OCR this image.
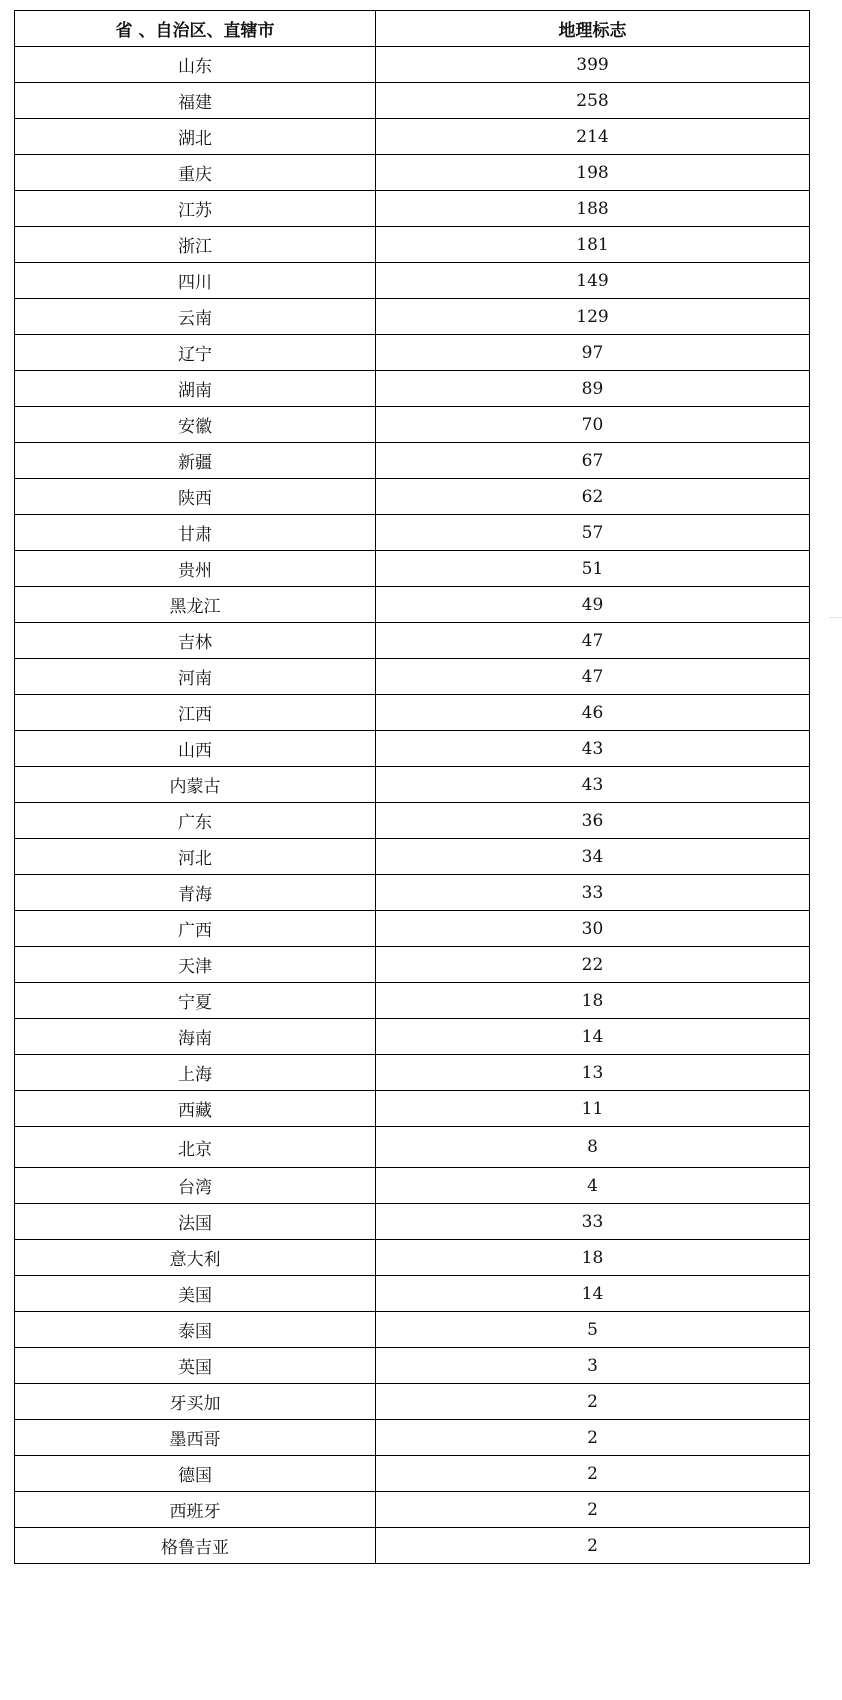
省 、自治区、直辖市	地理标志
山东	399
福建	258
湖北	214
重庆	198
江苏	188
浙江	181
四川	149
云南	129
辽宁	97
湖南	89
安徽	70
新疆	67
陕西	62
甘肃	57
贵州	51
黑龙江	49
吉林	47
河南	47
江西	46
山西	43
内蒙古	43
广东	36
河北	34
青海	33
广西	30
天津	22
宁夏	18
海南	14
上海	13
西藏	11
北京	8
台湾	4
法国	33
意大利	18
美国	14
泰国	5
英国	3
牙买加	2
墨西哥	2
德国	2
西班牙	2
格鲁吉亚	2
